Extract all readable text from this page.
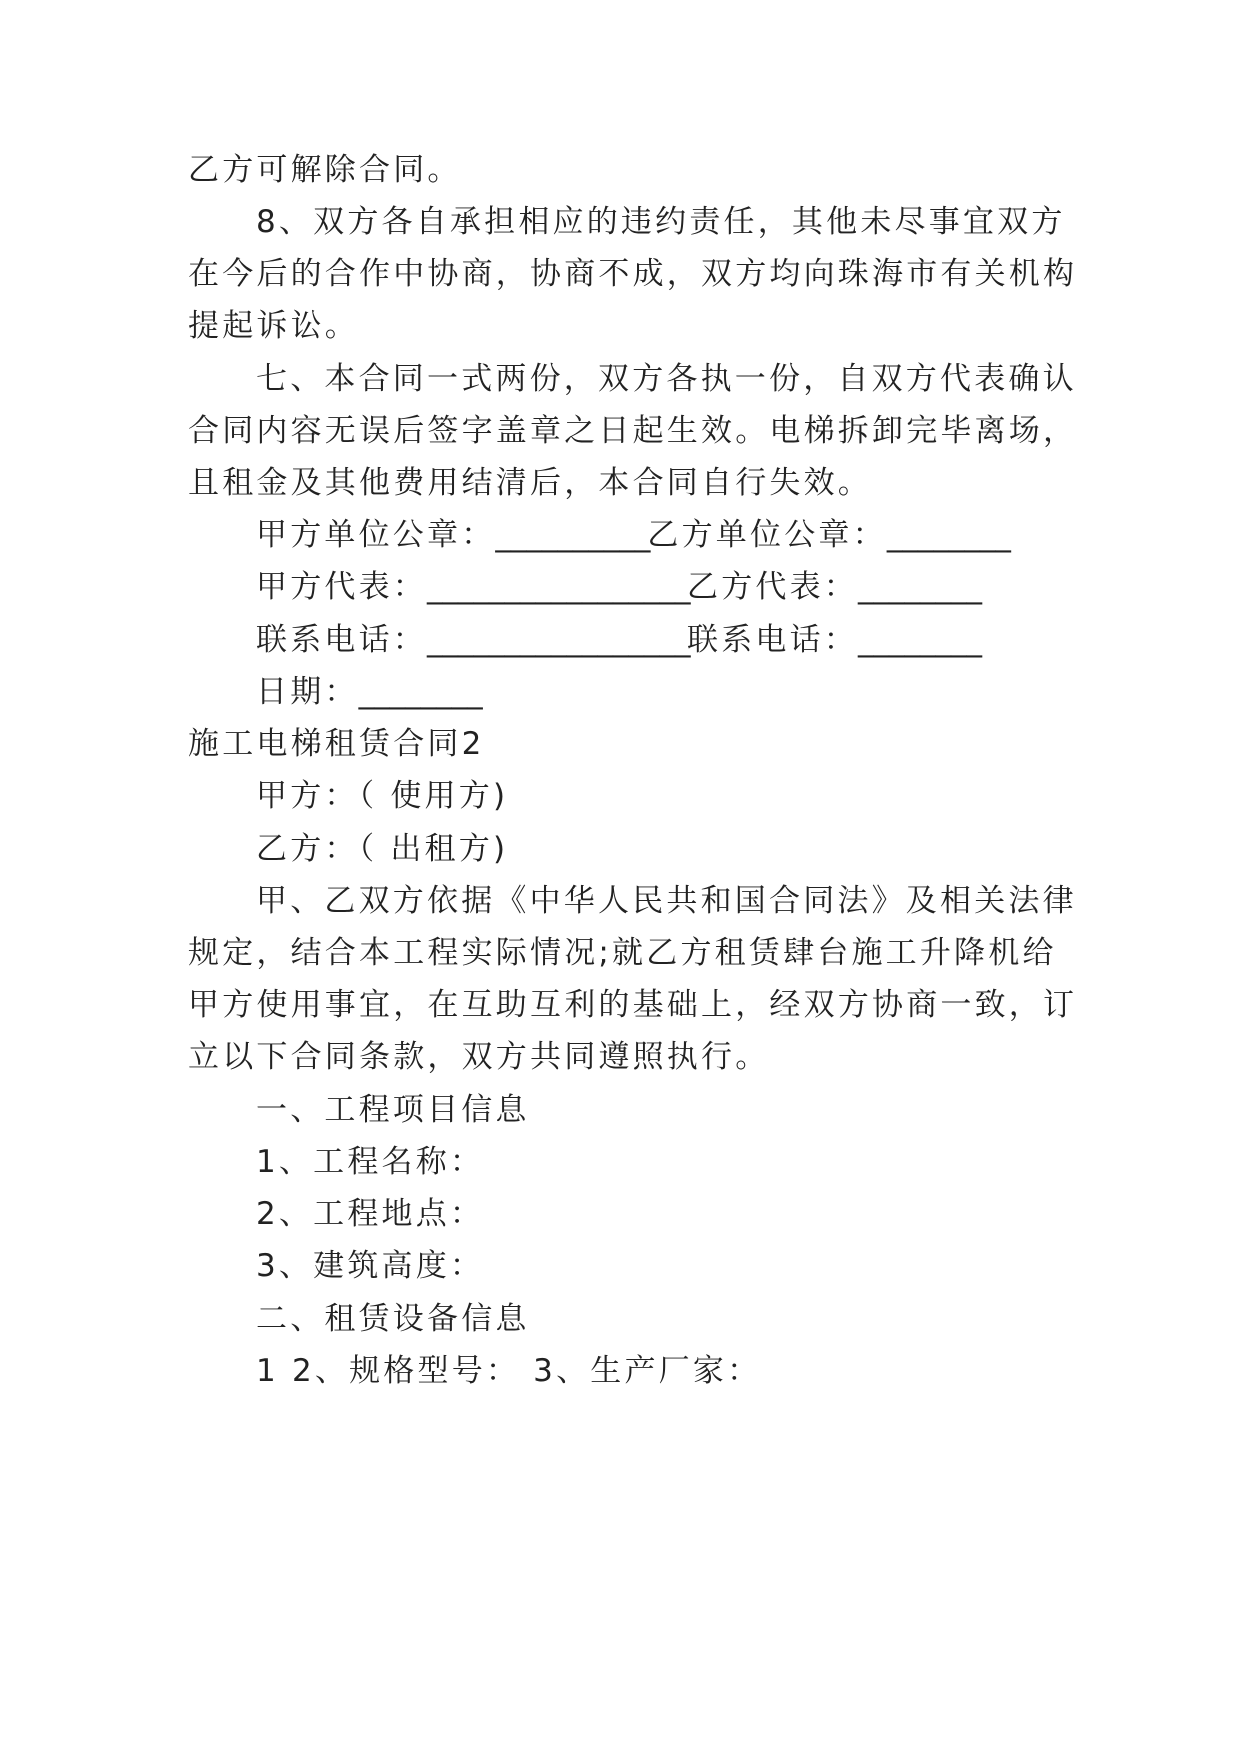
乙方可解除合同。
8、双方各自承担相应的违约责任，其他未尽事宜双方
在今后的合作中协商，协商不成，双方均向珠海市有关机构
提起诉讼。
七、本合同一式两份，双方各执一份，自双方代表确认
合同内容无误后签字盖章之日起生效。电梯拆卸完毕离场，
且租金及其他费用结清后，本合同自行失效。
甲方单位公章：__________乙方单位公章：________
甲方代表：_________________乙方代表：________
联系电话：_________________联系电话：________
日期：________
施工电梯租赁合同2
甲方：（ 使用方)
乙方：（ 出租方)
甲、乙双方依据《中华人民共和国合同法》及相关法律
规定，结合本工程实际情况;就乙方租赁肆台施工升降机给
甲方使用事宜，在互助互利的基础上，经双方协商一致，订
立以下合同条款，双方共同遵照执行。
一、工程项目信息
1、工程名称：
2、工程地点：
3、建筑高度：
二、租赁设备信息
1 2、规格型号： 3、生产厂家：
